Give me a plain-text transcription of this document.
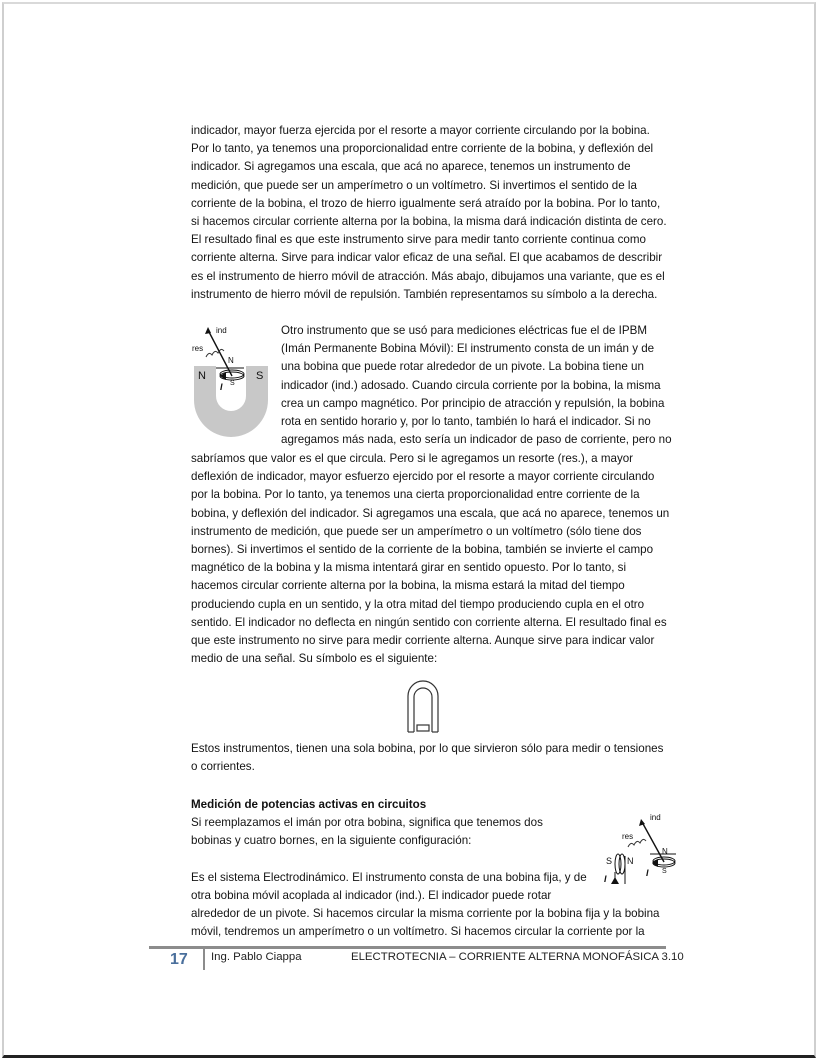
indicador, mayor fuerza ejercida por el resorte a mayor corriente circulando por la bobina.
Por lo tanto, ya tenemos una proporcionalidad entre corriente de la bobina, y deflexión del
indicador. Si agregamos una escala, que acá no aparece, tenemos un instrumento de
medición, que puede ser un amperímetro o un voltímetro. Si invertimos el sentido de la
corriente de la bobina, el trozo de hierro igualmente será atraído por la bobina. Por lo tanto,
si hacemos circular corriente alterna por la bobina, la misma dará indicación distinta de cero.
El resultado final es que este instrumento sirve para medir tanto corriente continua como
corriente alterna. Sirve para indicar valor eficaz de una señal. El que acabamos de describir
es el instrumento de hierro móvil de atracción. Más abajo, dibujamos una variante, que es el
instrumento de hierro móvil de repulsión. También representamos su símbolo a la derecha.
ind
res
N
S
N	S
I
Otro instrumento que se usó para mediciones eléctricas fue el de IPBM
(Imán Permanente Bobina Móvil): El instrumento consta de un imán y de
una bobina que puede rotar alrededor de un pivote. La bobina tiene un
indicador (ind.) adosado. Cuando circula corriente por la bobina, la misma
crea un campo magnético. Por principio de atracción y repulsión, la bobina
rota en sentido horario y, por lo tanto, también lo hará el indicador. Si no
agregamos más nada, esto sería un indicador de paso de corriente, pero no
sabríamos que valor es el que circula. Pero si le agregamos un resorte (res.), a mayor
deflexión de indicador, mayor esfuerzo ejercido por el resorte a mayor corriente circulando
por la bobina. Por lo tanto, ya tenemos una cierta proporcionalidad entre corriente de la
bobina, y deflexión del indicador. Si agregamos una escala, que acá no aparece, tenemos un
instrumento de medición, que puede ser un amperímetro o un voltímetro (sólo tiene dos
bornes). Si invertimos el sentido de la corriente de la bobina, también se invierte el campo
magnético de la bobina y la misma intentará girar en sentido opuesto. Por lo tanto, si
hacemos circular corriente alterna por la bobina, la misma estará la mitad del tiempo
produciendo cupla en un sentido, y la otra mitad del tiempo produciendo cupla en el otro
sentido. El indicador no deflecta en ningún sentido con corriente alterna. El resultado final es
que este instrumento no sirve para medir corriente alterna. Aunque sirve para indicar valor
medio de una señal. Su símbolo es el siguiente:
Estos instrumentos, tienen una sola bobina, por lo que sirvieron sólo para medir o tensiones
o corrientes.
Medición de potencias activas en circuitos
Si reemplazamos el imán por otra bobina, significa que tenemos dos
bobinas y cuatro bornes, en la siguiente configuración:
ind
res
S N
N
S
I
I
Es el sistema Electrodinámico. El instrumento consta de una bobina fija, y de
otra bobina móvil acoplada al indicador (ind.). El indicador puede rotar
alrededor de un pivote. Si hacemos circular la misma corriente por la bobina fija y la bobina
móvil, tendremos un amperímetro o un voltímetro. Si hacemos circular la corriente por la
17 Ing. Pablo Ciappa	ELECTROTECNIA – CORRIENTE ALTERNA MONOFÁSICA 3.10
